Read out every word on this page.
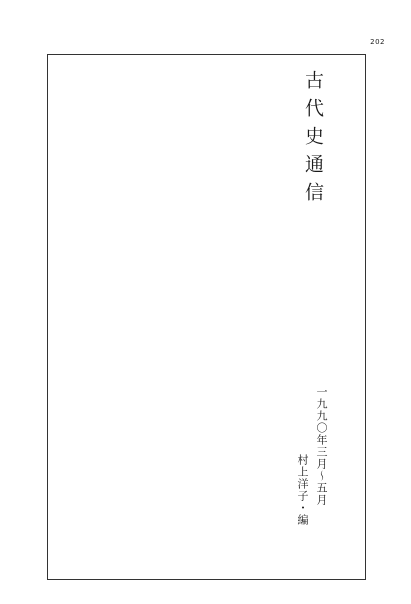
202
古代史通信
一九九〇年三月〜五月
村上洋子・編
